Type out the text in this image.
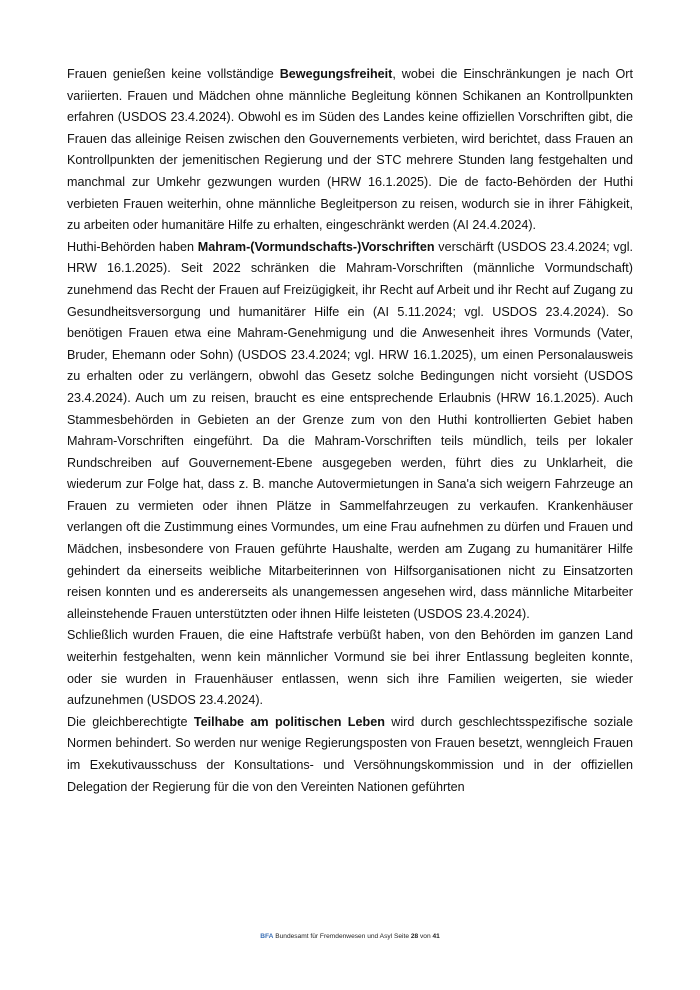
Frauen genießen keine vollständige Bewegungsfreiheit, wobei die Einschränkungen je nach Ort variierten. Frauen und Mädchen ohne männliche Begleitung können Schikanen an Kontrollpunkten erfahren (USDOS 23.4.2024). Obwohl es im Süden des Landes keine offiziellen Vorschriften gibt, die Frauen das alleinige Reisen zwischen den Gouvernements verbieten, wird berichtet, dass Frauen an Kontrollpunkten der jemenitischen Regierung und der STC mehrere Stunden lang festgehalten und manchmal zur Umkehr gezwungen wurden (HRW 16.1.2025). Die de facto-Behörden der Huthi verbieten Frauen weiterhin, ohne männliche Begleitperson zu reisen, wodurch sie in ihrer Fähigkeit, zu arbeiten oder humanitäre Hilfe zu erhalten, eingeschränkt werden (AI 24.4.2024).

Huthi-Behörden haben Mahram-(Vormundschafts-)Vorschriften verschärft (USDOS 23.4.2024; vgl. HRW 16.1.2025). Seit 2022 schränken die Mahram-Vorschriften (männliche Vormundschaft) zunehmend das Recht der Frauen auf Freizügigkeit, ihr Recht auf Arbeit und ihr Recht auf Zugang zu Gesundheitsversorgung und humanitärer Hilfe ein (AI 5.11.2024; vgl. USDOS 23.4.2024). So benötigen Frauen etwa eine Mahram-Genehmigung und die Anwesenheit ihres Vormunds (Vater, Bruder, Ehemann oder Sohn) (USDOS 23.4.2024; vgl. HRW 16.1.2025), um einen Personalausweis zu erhalten oder zu verlängern, obwohl das Gesetz solche Bedingungen nicht vorsieht (USDOS 23.4.2024). Auch um zu reisen, braucht es eine entsprechende Erlaubnis (HRW 16.1.2025). Auch Stammesbehörden in Gebieten an der Grenze zum von den Huthi kontrollierten Gebiet haben Mahram-Vorschriften eingeführt. Da die Mahram-Vorschriften teils mündlich, teils per lokaler Rundschreiben auf Gouvernement-Ebene ausgegeben werden, führt dies zu Unklarheit, die wiederum zur Folge hat, dass z. B. manche Autovermietungen in Sana'a sich weigern Fahrzeuge an Frauen zu vermieten oder ihnen Plätze in Sammelfahrzeugen zu verkaufen. Krankenhäuser verlangen oft die Zustimmung eines Vormundes, um eine Frau aufnehmen zu dürfen und Frauen und Mädchen, insbesondere von Frauen geführte Haushalte, werden am Zugang zu humanitärer Hilfe gehindert da einerseits weibliche Mitarbeiterinnen von Hilfsorganisationen nicht zu Einsatzorten reisen konnten und es andererseits als unangemessen angesehen wird, dass männliche Mitarbeiter alleinstehende Frauen unterstützten oder ihnen Hilfe leisteten (USDOS 23.4.2024).

Schließlich wurden Frauen, die eine Haftstrafe verbüßt haben, von den Behörden im ganzen Land weiterhin festgehalten, wenn kein männlicher Vormund sie bei ihrer Entlassung begleiten konnte, oder sie wurden in Frauenhäuser entlassen, wenn sich ihre Familien weigerten, sie wieder aufzunehmen (USDOS 23.4.2024).

Die gleichberechtigte Teilhabe am politischen Leben wird durch geschlechtsspezifische soziale Normen behindert. So werden nur wenige Regierungsposten von Frauen besetzt, wenngleich Frauen im Exekutivausschuss der Konsultations- und Versöhnungskommission und in der offiziellen Delegation der Regierung für die von den Vereinten Nationen geführten

BFA Bundesamt für Fremdenwesen und Asyl Seite 28 von 41
